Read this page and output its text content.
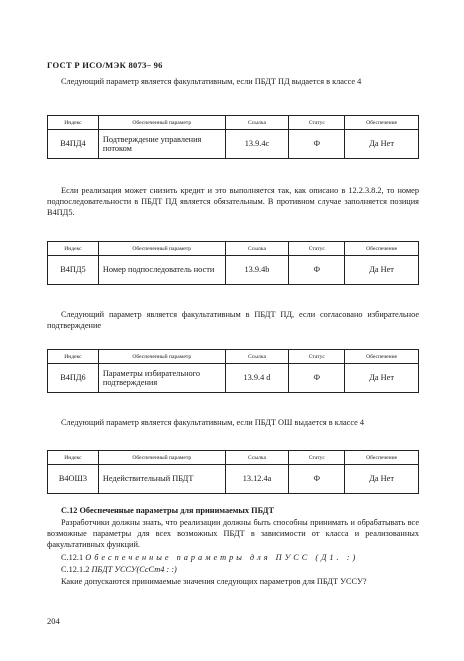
ГОСТ Р ИСО/МЭК 8073– 96

Следующий параметр является факультативным, если ПБДТ ПД выдается в классе 4

Индекс	Обеспеченный параметр	Ссылка	Статус	Обеспечение
В4ПД4	Подтверждение управления потоком	13.9.4с	Ф	Да Нет

Если реализация может снизить кредит и это выполняется так, как описано в 12.2.3.8.2, то номер подпоследовательности в ПБДТ ПД является обязательным. В противном случае заполняется позиция В4ПД5.

Индекс	Обеспеченный параметр	Ссылка	Статус	Обеспечение
В4ПД5	Номер подпоследователь ности	13.9.4b	Ф	Да Нет

Следующий параметр является факультативным в ПБДТ ПД, если согласовано избирательное подтверждение

Индекс	Обеспеченный параметр	Ссылка	Статус	Обеспечение
В4ПД6	Параметры избирательного подтверждения	13.9.4 d	Ф	Да Нет

Следующий параметр является факультативным, если ПБДТ ОШ выдается в классе 4

Индекс	Обеспеченный параметр	Ссылка	Статус	Обеспечение
В4ОШ3	Недействительный ПБДТ	13.12.4а	Ф	Да Нет

С.12 Обеспеченные параметры для принимаемых ПБДТ

Разработчики должны знать, что реализации должны быть способны принимать и обрабатывать все возможные параметры для всех возможных ПБДТ в зависимости от класса и реализованных факультативных функций.

С.12.1 Обеспеченные параметры для ПУСС (Д1. :)

С.12.1.2 ПБДТ УССУ(СсСт4 : :)

Какие допускаются принимаемые значения следующих параметров для ПБДТ УССУ?

204
